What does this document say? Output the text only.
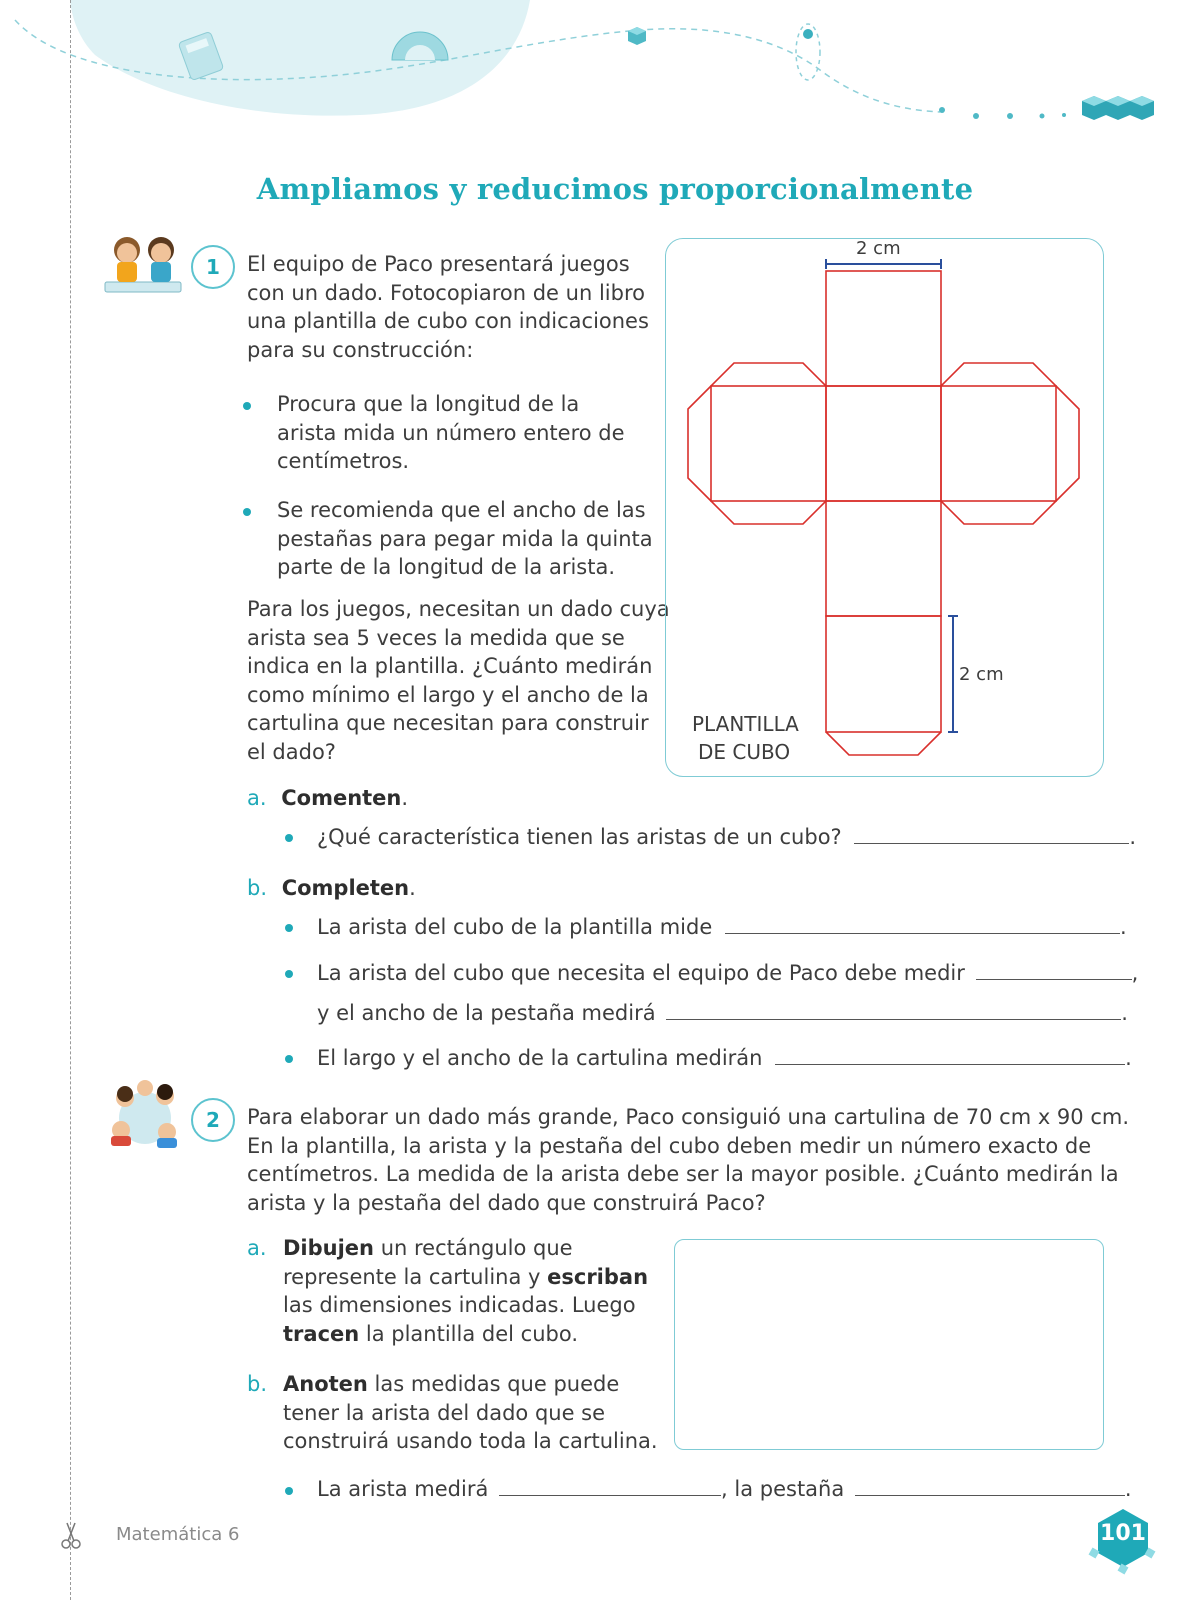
Ampliamos y reducimos proporcionalmente
1	El equipo de Paco presentará juegos
con un dado. Fotocopiaron de un libro
una plantilla de cubo con indicaciones
para su construcción:
Procura que la longitud de la
arista mida un número entero de
centímetros.
Se recomienda que el ancho de las
pestañas para pegar mida la quinta
parte de la longitud de la arista.
Para los juegos, necesitan un dado cuya
arista sea 5 veces la medida que se
indica en la plantilla. ¿Cuánto medirán
como mínimo el largo y el ancho de la
cartulina que necesitan para construir
el dado?
2 cm
2 cm
PLANTILLA
DE CUBO
a. Comenten.
¿Qué característica tienen las aristas de un cubo?	.
b. Completen.
La arista del cubo de la plantilla mide	.
La arista del cubo que necesita el equipo de Paco debe medir	,
y el ancho de la pestaña medirá	.
El largo y el ancho de la cartulina medirán	.
2	Para elaborar un dado más grande, Paco consiguió una cartulina de 70 cm x 90 cm.
En la plantilla, la arista y la pestaña del cubo deben medir un número exacto de
centímetros. La medida de la arista debe ser la mayor posible. ¿Cuánto medirán la
arista y la pestaña del dado que construirá Paco?
a. Dibujen un rectángulo que
represente la cartulina y escriban
las dimensiones indicadas. Luego
tracen la plantilla del cubo.
b. Anoten las medidas que puede
tener la arista del dado que se
construirá usando toda la cartulina.
La arista medirá	, la pestaña	.
Matemática 6	101
